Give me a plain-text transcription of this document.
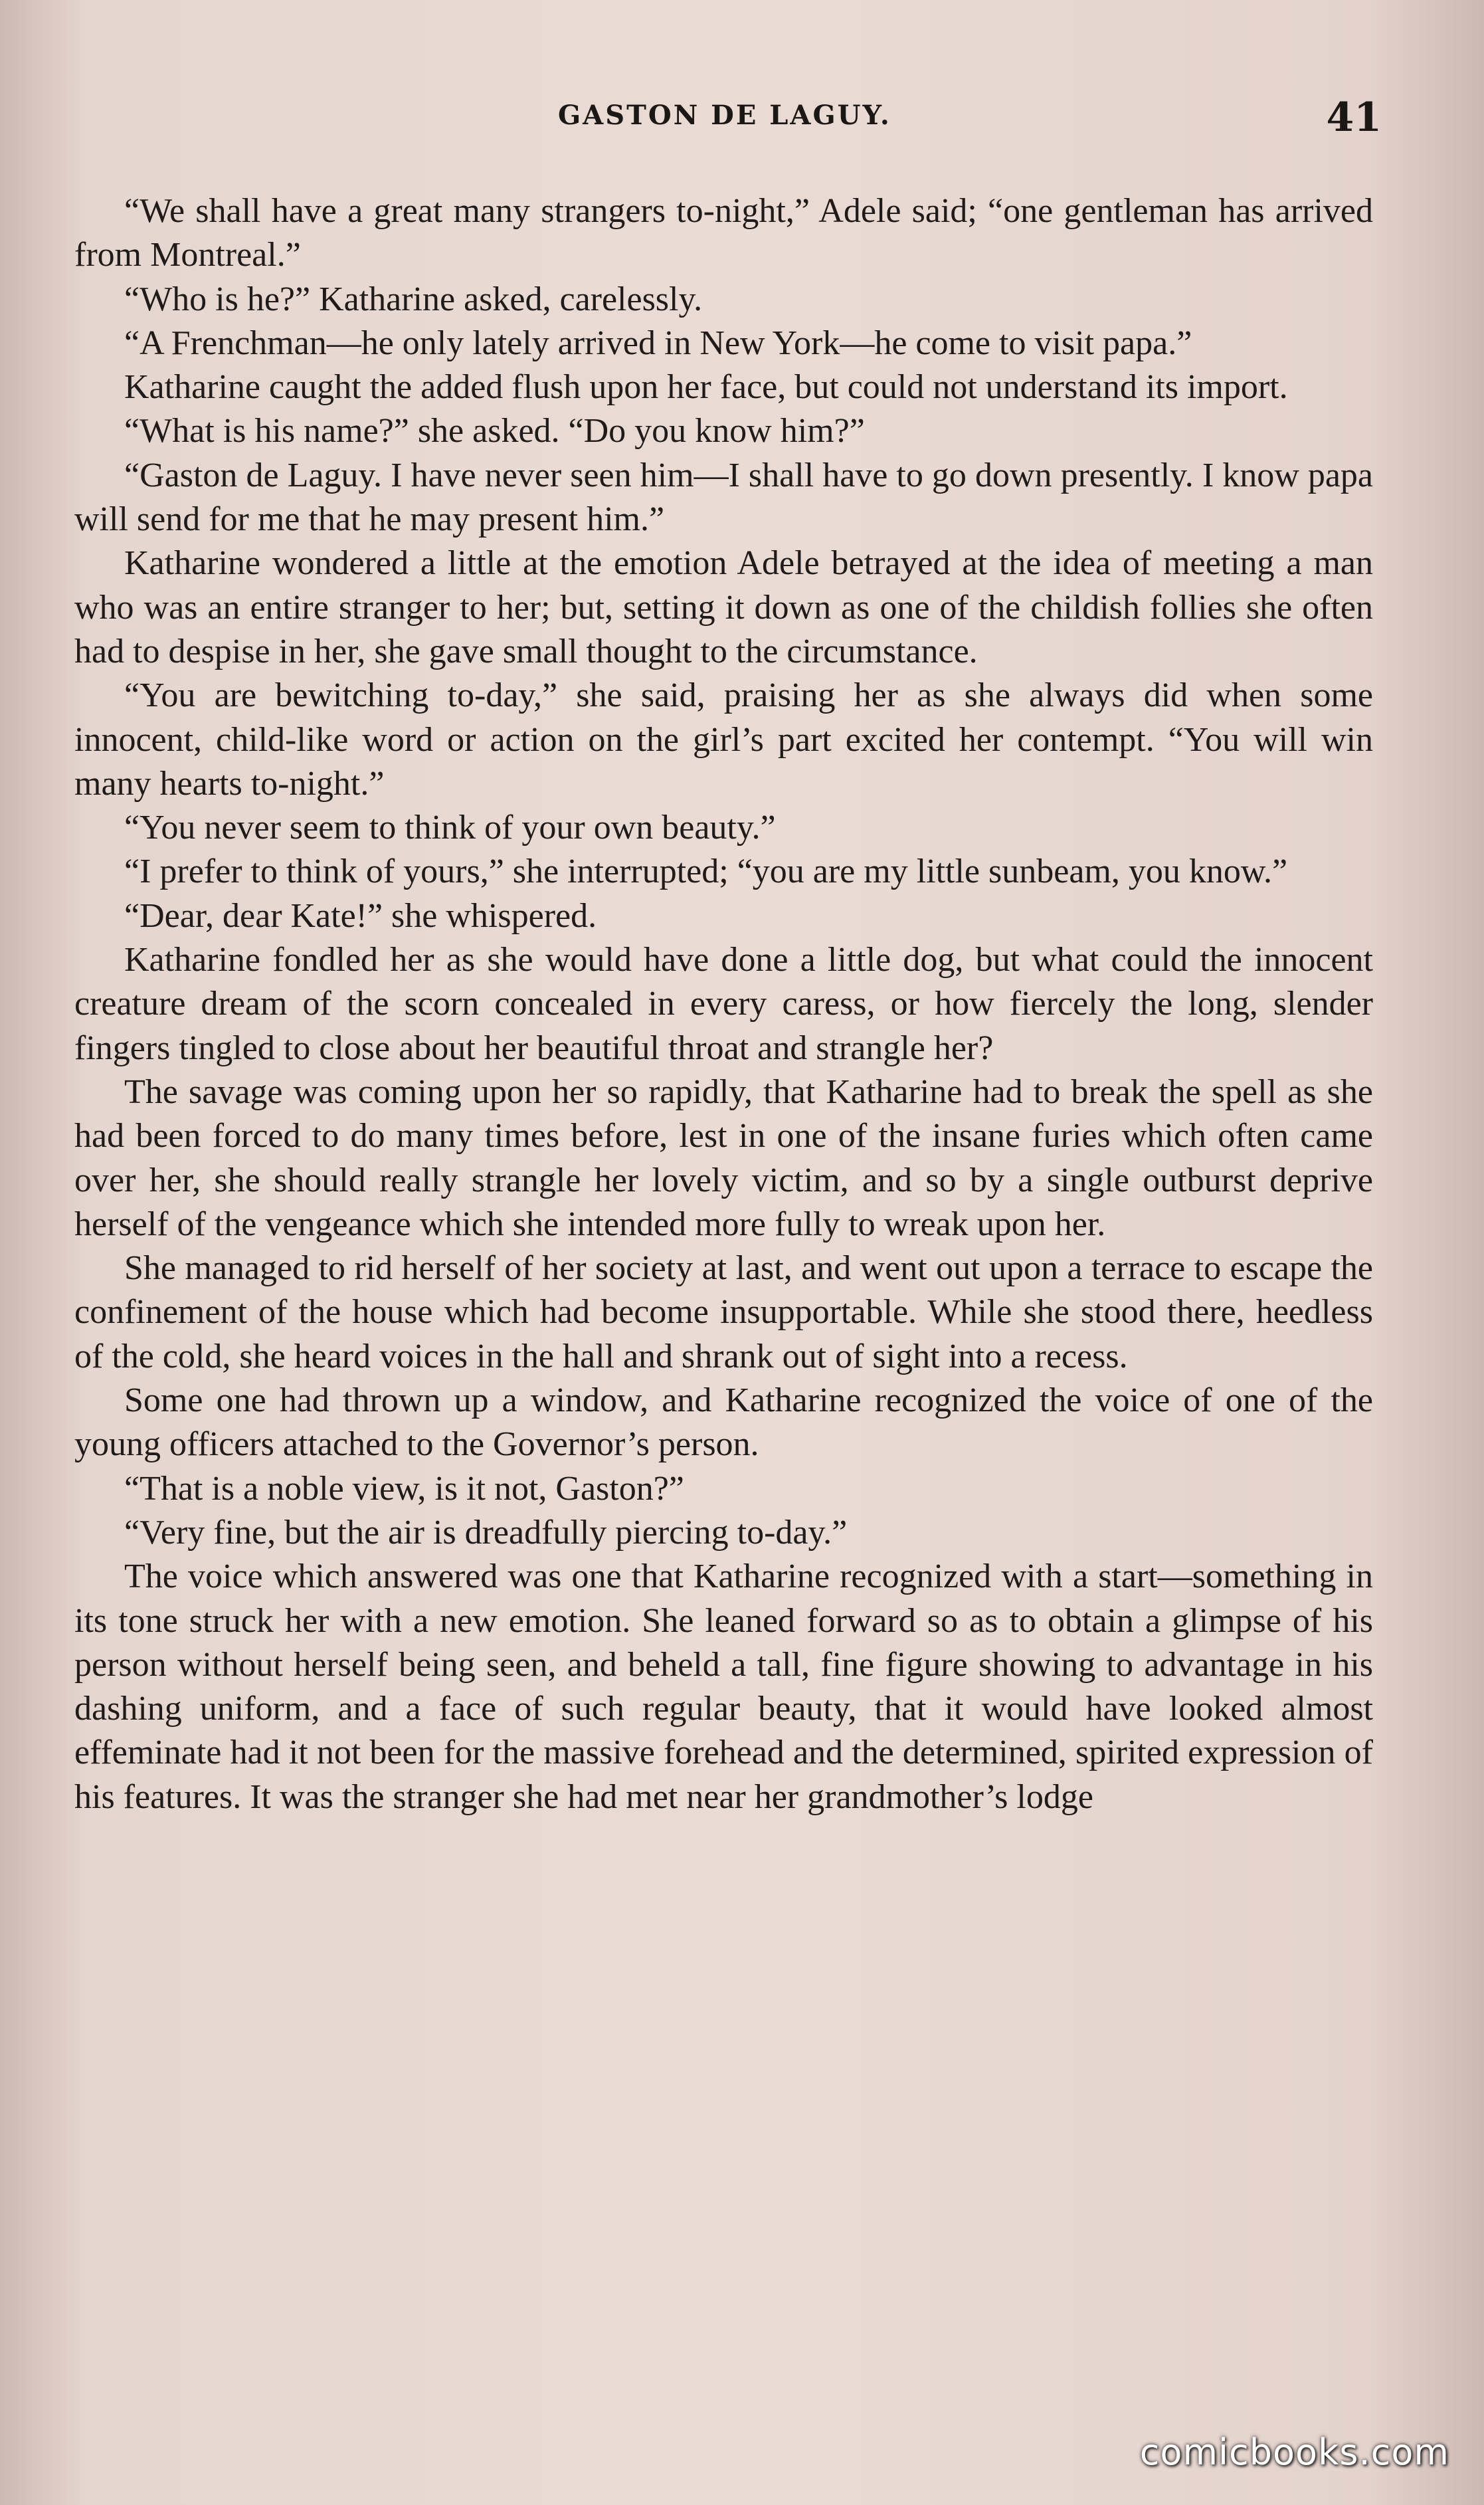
GASTON DE LAGUY.	41

“We shall have a great many strangers to-night,” Adele said; “one gentleman has arrived from Montreal.”

“Who is he?” Katharine asked, carelessly.

“A Frenchman—he only lately arrived in New York—he come to visit papa.”

Katharine caught the added flush upon her face, but could not understand its import.

“What is his name?” she asked. “Do you know him?”

“Gaston de Laguy. I have never seen him—I shall have to go down presently. I know papa will send for me that he may present him.”

Katharine wondered a little at the emotion Adele betrayed at the idea of meeting a man who was an entire stranger to her; but, setting it down as one of the childish follies she often had to despise in her, she gave small thought to the circumstance.

“You are bewitching to-day,” she said, praising her as she always did when some innocent, child-like word or action on the girl’s part excited her contempt. “You will win many hearts to-night.”

“You never seem to think of your own beauty.”

“I prefer to think of yours,” she interrupted; “you are my little sunbeam, you know.”

“Dear, dear Kate!” she whispered.

Katharine fondled her as she would have done a little dog, but what could the innocent creature dream of the scorn concealed in every caress, or how fiercely the long, slender fingers tingled to close about her beautiful throat and strangle her?

The savage was coming upon her so rapidly, that Katharine had to break the spell as she had been forced to do many times before, lest in one of the insane furies which often came over her, she should really strangle her lovely victim, and so by a single outburst deprive herself of the vengeance which she intended more fully to wreak upon her.

She managed to rid herself of her society at last, and went out upon a terrace to escape the confinement of the house which had become insupportable. While she stood there, heedless of the cold, she heard voices in the hall and shrank out of sight into a recess.

Some one had thrown up a window, and Katharine recognized the voice of one of the young officers attached to the Governor’s person.

“That is a noble view, is it not, Gaston?”

“Very fine, but the air is dreadfully piercing to-day.”

The voice which answered was one that Katharine recognized with a start—something in its tone struck her with a new emotion. She leaned forward so as to obtain a glimpse of his person without herself being seen, and beheld a tall, fine figure showing to advantage in his dashing uniform, and a face of such regular beauty, that it would have looked almost effeminate had it not been for the massive forehead and the determined, spirited expression of his features. It was the stranger she had met near her grandmother’s lodge

comicbooks.com
